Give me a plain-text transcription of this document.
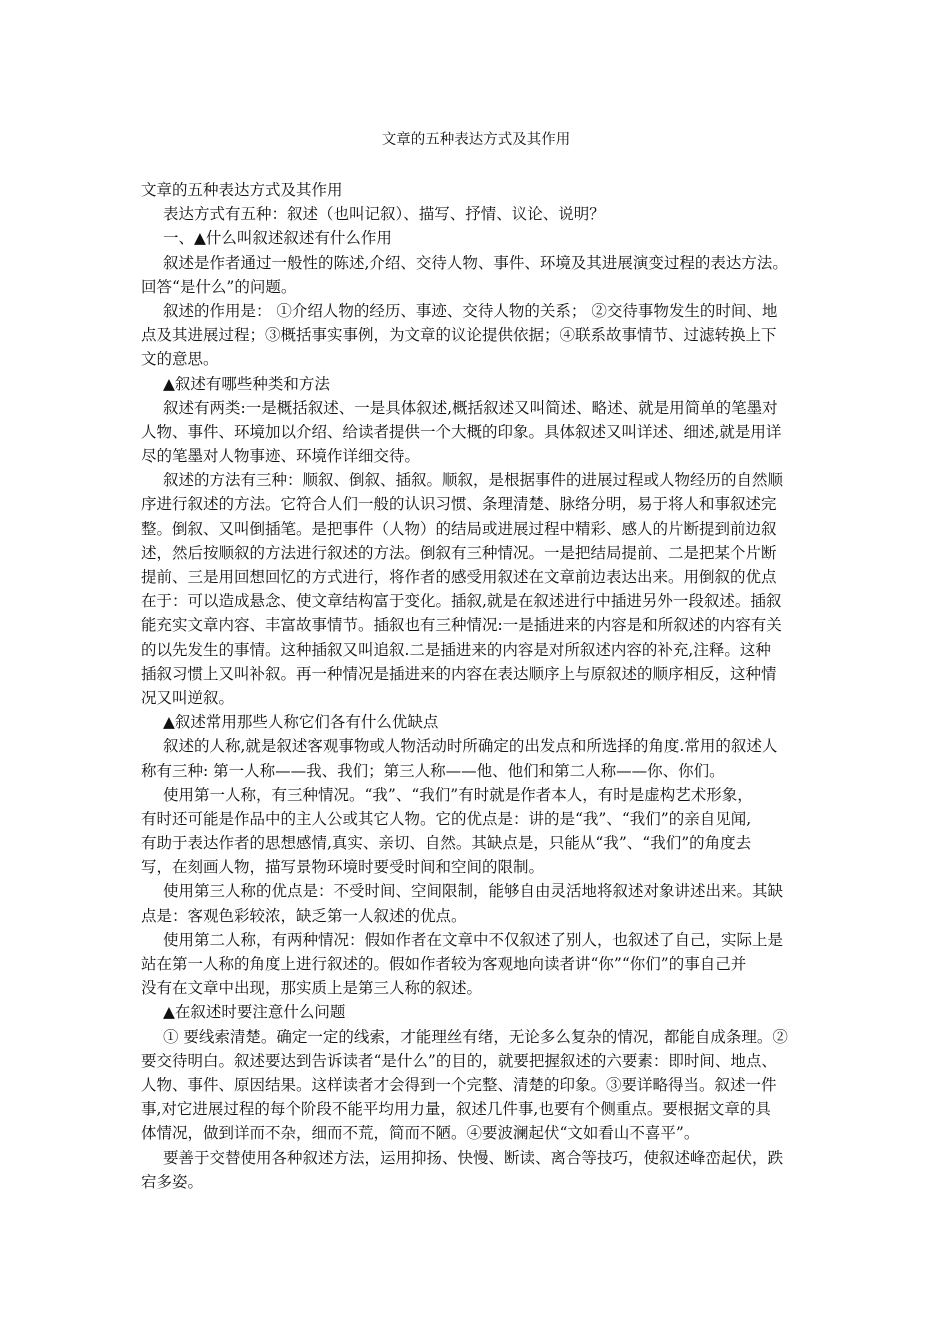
文章的五种表达方式及其作用

文章的五种表达方式及其作用

表达方式有五种：叙述（也叫记叙）、描写、抒情、议论、说明？

一、▲什么叫叙述叙述有什么作用

叙述是作者通过一般性的陈述,介绍、交待人物、事件、环境及其进展演变过程的表达方法。

回答“是什么”的问题。

叙述的作用是： ①介绍人物的经历、事迹、交待人物的关系； ②交待事物发生的时间、地

点及其进展过程；③概括事实事例，为文章的议论提供依据；④联系故事情节、过滤转换上下

文的意思。

▲叙述有哪些种类和方法

叙述有两类:一是概括叙述、一是具体叙述,概括叙述又叫简述、略述、就是用简单的笔墨对

人物、事件、环境加以介绍、给读者提供一个大概的印象。具体叙述又叫详述、细述,就是用详

尽的笔墨对人物事迹、环境作详细交待。

叙述的方法有三种：顺叙、倒叙、插叙。顺叙，是根据事件的进展过程或人物经历的自然顺

序进行叙述的方法。它符合人们一般的认识习惯、条理清楚、脉络分明，易于将人和事叙述完

整。倒叙、又叫倒插笔。是把事件（人物）的结局或进展过程中精彩、感人的片断提到前边叙

述，然后按顺叙的方法进行叙述的方法。倒叙有三种情况。一是把结局提前、二是把某个片断

提前、三是用回想回忆的方式进行，将作者的感受用叙述在文章前边表达出来。用倒叙的优点

在于：可以造成悬念、使文章结构富于变化。插叙,就是在叙述进行中插进另外一段叙述。插叙

能充实文章内容、丰富故事情节。插叙也有三种情况:一是插进来的内容是和所叙述的内容有关

的以先发生的事情。这种插叙又叫追叙.二是插进来的内容是对所叙述内容的补充,注释。这种

插叙习惯上又叫补叙。再一种情况是插进来的内容在表达顺序上与原叙述的顺序相反，这种情

况又叫逆叙。

▲叙述常用那些人称它们各有什么优缺点

叙述的人称,就是叙述客观事物或人物活动时所确定的出发点和所选择的角度.常用的叙述人

称有三种: 第一人称——我、我们；第三人称——他、他们和第二人称——你、你们。

使用第一人称，有三种情况。“我”、“我们”有时就是作者本人，有时是虚构艺术形象，

有时还可能是作品中的主人公或其它人物。它的优点是：讲的是“我”、“我们”的亲自见闻,

有助于表达作者的思想感情,真实、亲切、自然。其缺点是，只能从“我”、“我们”的角度去

写，在刻画人物，描写景物环境时要受时间和空间的限制。

使用第三人称的优点是：不受时间、空间限制，能够自由灵活地将叙述对象讲述出来。其缺

点是：客观色彩较浓，缺乏第一人叙述的优点。

使用第二人称，有两种情况：假如作者在文章中不仅叙述了别人，也叙述了自己，实际上是

站在第一人称的角度上进行叙述的。假如作者较为客观地向读者讲“你”“你们”的事自己并

没有在文章中出现，那实质上是第三人称的叙述。

▲在叙述时要注意什么问题

① 要线索清楚。确定一定的线索，才能理丝有绪，无论多么复杂的情况，都能自成条理。②

要交待明白。叙述要达到告诉读者“是什么”的目的，就要把握叙述的六要素：即时间、地点、

人物、事件、原因结果。这样读者才会得到一个完整、清楚的印象。③要详略得当。叙述一件

事,对它进展过程的每个阶段不能平均用力量，叙述几件事,也要有个侧重点。要根据文章的具

体情况，做到详而不杂，细而不荒，简而不陋。④要波澜起伏“文如看山不喜平”。

要善于交替使用各种叙述方法，运用抑扬、快慢、断读、离合等技巧，使叙述峰峦起伏，跌

宕多姿。
